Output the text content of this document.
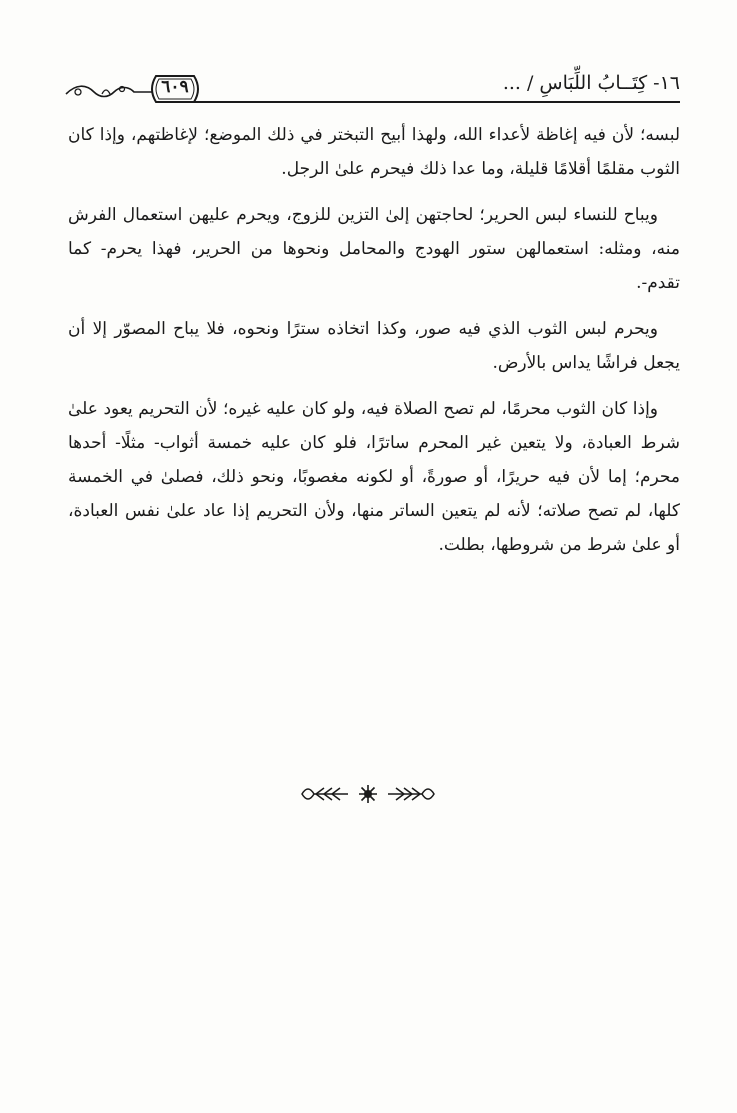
٦٠٩	١٦- كِتَــابُ اللِّبَاسِ / ...

لبسه؛ لأن فيه إغاظة لأعداء الله، ولهذا أبيح التبختر في ذلك الموضع؛ لإغاظتهم، وإذا كان الثوب مقلمًا أقلامًا قليلة، وما عدا ذلك فيحرم علىٰ الرجل.

ويباح للنساء لبس الحرير؛ لحاجتهن إلىٰ التزين للزوج، ويحرم عليهن استعمال الفرش منه، ومثله: استعمالهن ستور الهودج والمحامل ونحوها من الحرير، فهذا يحرم- كما تقدم-.

ويحرم لبس الثوب الذي فيه صور، وكذا اتخاذه سترًا ونحوه، فلا يباح المصوّر إلا أن يجعل فراشًا يداس بالأرض.

وإذا كان الثوب محرمًا، لم تصح الصلاة فيه، ولو كان عليه غيره؛ لأن التحريم يعود علىٰ شرط العبادة، ولا يتعين غير المحرم ساترًا، فلو كان عليه خمسة أثواب- مثلًا- أحدها محرم؛ إما لأن فيه حريرًا، أو صورةً، أو لكونه مغصوبًا، ونحو ذلك، فصلىٰ في الخمسة كلها، لم تصح صلاته؛ لأنه لم يتعين الساتر منها، ولأن التحريم إذا عاد علىٰ نفس العبادة، أو علىٰ شرط من شروطها، بطلت.
